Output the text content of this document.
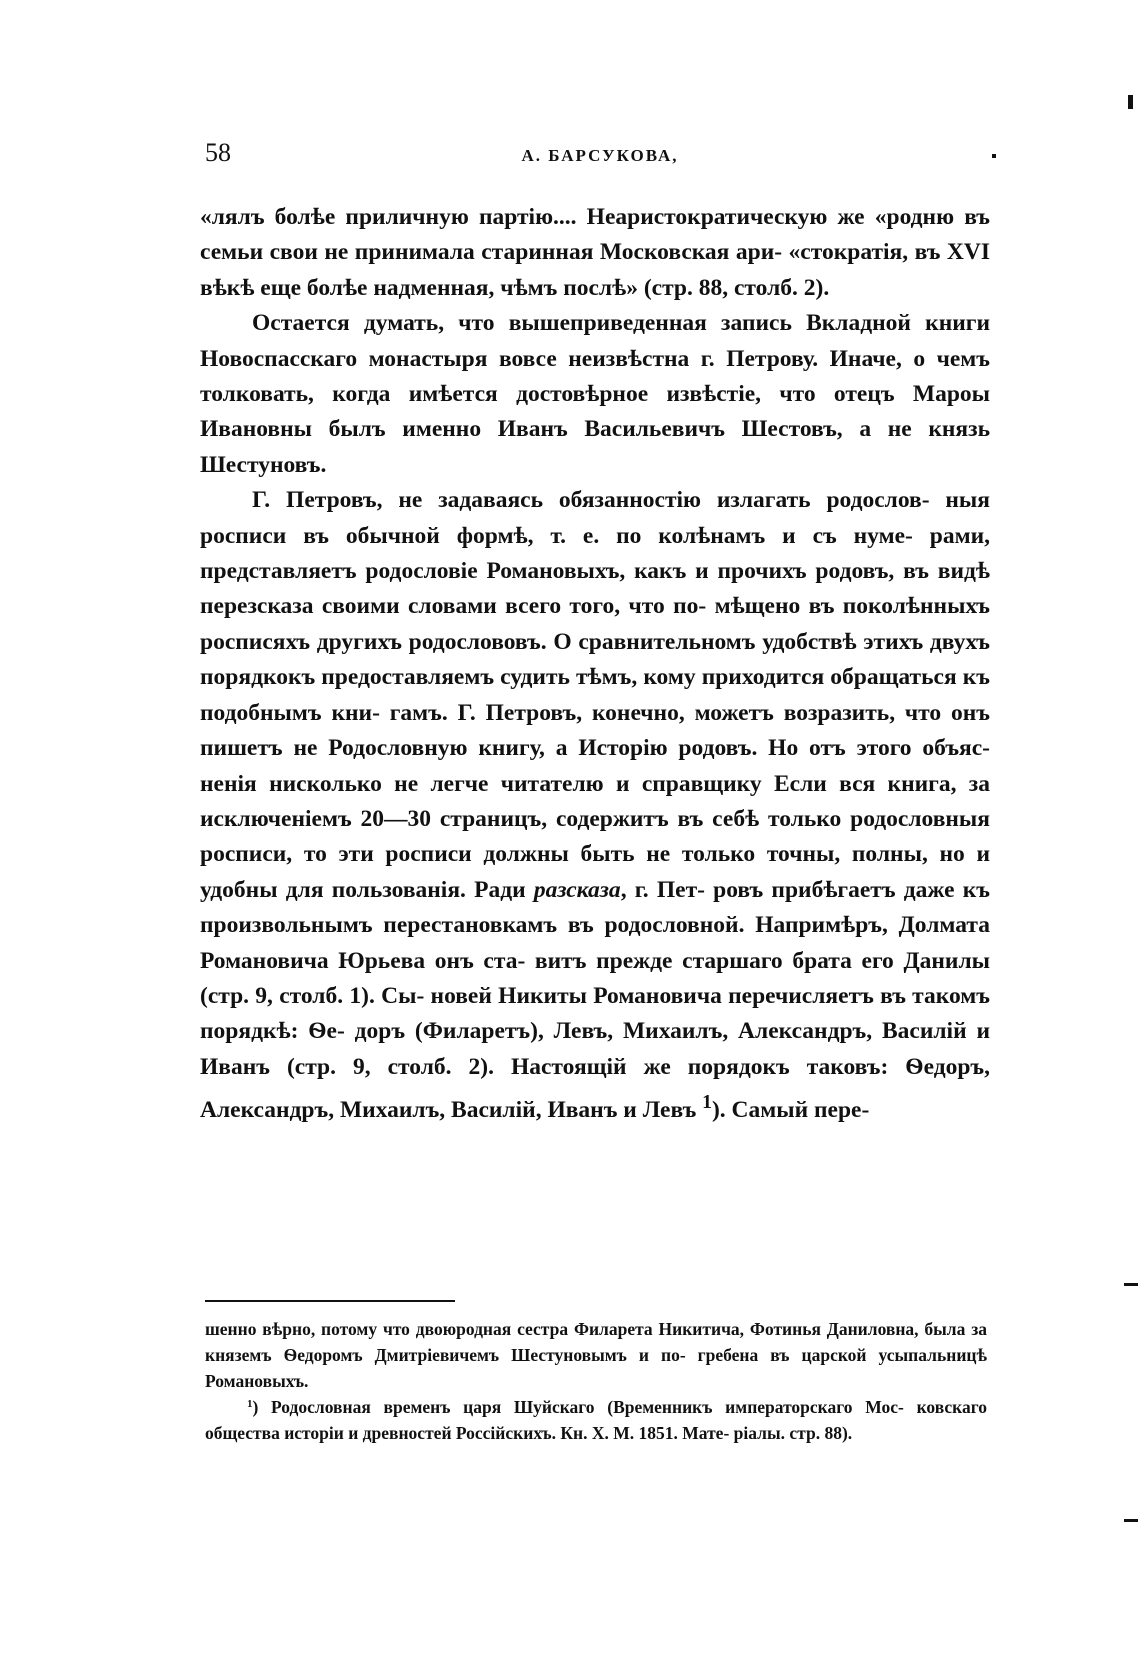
58	А. БАРСУКОВА,

«лялъ болѣе приличную партію.... Неаристократическую же «родню въ семьи свои не принимала старинная Московская ари- «стократія, въ XVI вѣкѣ еще болѣе надменная, чѣмъ послѣ» (стр. 88, столб. 2).

Остается думать, что вышеприведенная запись Вкладной книги Новоспасскаго монастыря вовсе неизвѣстна г. Петрову. Иначе, о чемъ толковать, когда имѣется достовѣрное извѣстіе, что отецъ Мароы Ивановны былъ именно Иванъ Васильевичъ Шестовъ, а не князь Шестуновъ.

Г. Петровъ, не задаваясь обязанностію излагать родослов- ныя росписи въ обычной формѣ, т. е. по колѣнамъ и съ нуме- рами, представляетъ родословіе Романовыхъ, какъ и прочихъ родовъ, въ видѣ перезсказа своими словами всего того, что по- мѣщено въ поколѣнныхъ росписяхъ другихъ родослововъ. О сравнительномъ удобствѣ этихъ двухъ порядкокъ предоставляемъ судить тѣмъ, кому приходится обращаться къ подобнымъ кни- гамъ. Г. Петровъ, конечно, можетъ возразить, что онъ пишетъ не Родословную книгу, а Исторію родовъ. Но отъ этого объяс- ненія нисколько не легче читателю и справщику Если вся книга, за исключеніемъ 20—30 страницъ, содержитъ въ себѣ только родословныя росписи, то эти росписи должны быть не только точны, полны, но и удобны для пользованія. Ради разсказа, г. Пет- ровъ прибѣгаетъ даже къ произвольнымъ перестановкамъ въ родословной. Напримѣръ, Долмата Романовича Юрьева онъ ста- витъ прежде старшаго брата его Данилы (стр. 9, столб. 1). Сы- новей Никиты Романовича перечисляетъ въ такомъ порядкѣ: Ѳе- доръ (Филаретъ), Левъ, Михаилъ, Александръ, Василій и Иванъ (стр. 9, столб. 2). Настоящій же порядокъ таковъ: Ѳедоръ, Александръ, Михаилъ, Василій, Иванъ и Левъ $^1$). Самый пере-

шенно вѣрно, потому что двоюродная сестра Филарета Никитича, Фотинья Даниловна, была за княземъ Ѳедоромъ Дмитріевичемъ Шестуновымъ и по- гребена въ царской усыпальницѣ Романовыхъ.

$^1$) Родословная временъ царя Шуйскаго (Временникъ императорскаго Мос- ковскаго общества исторіи и древностей Россійскихъ. Кн. X. М. 1851. Мате- ріалы. стр. 88).
